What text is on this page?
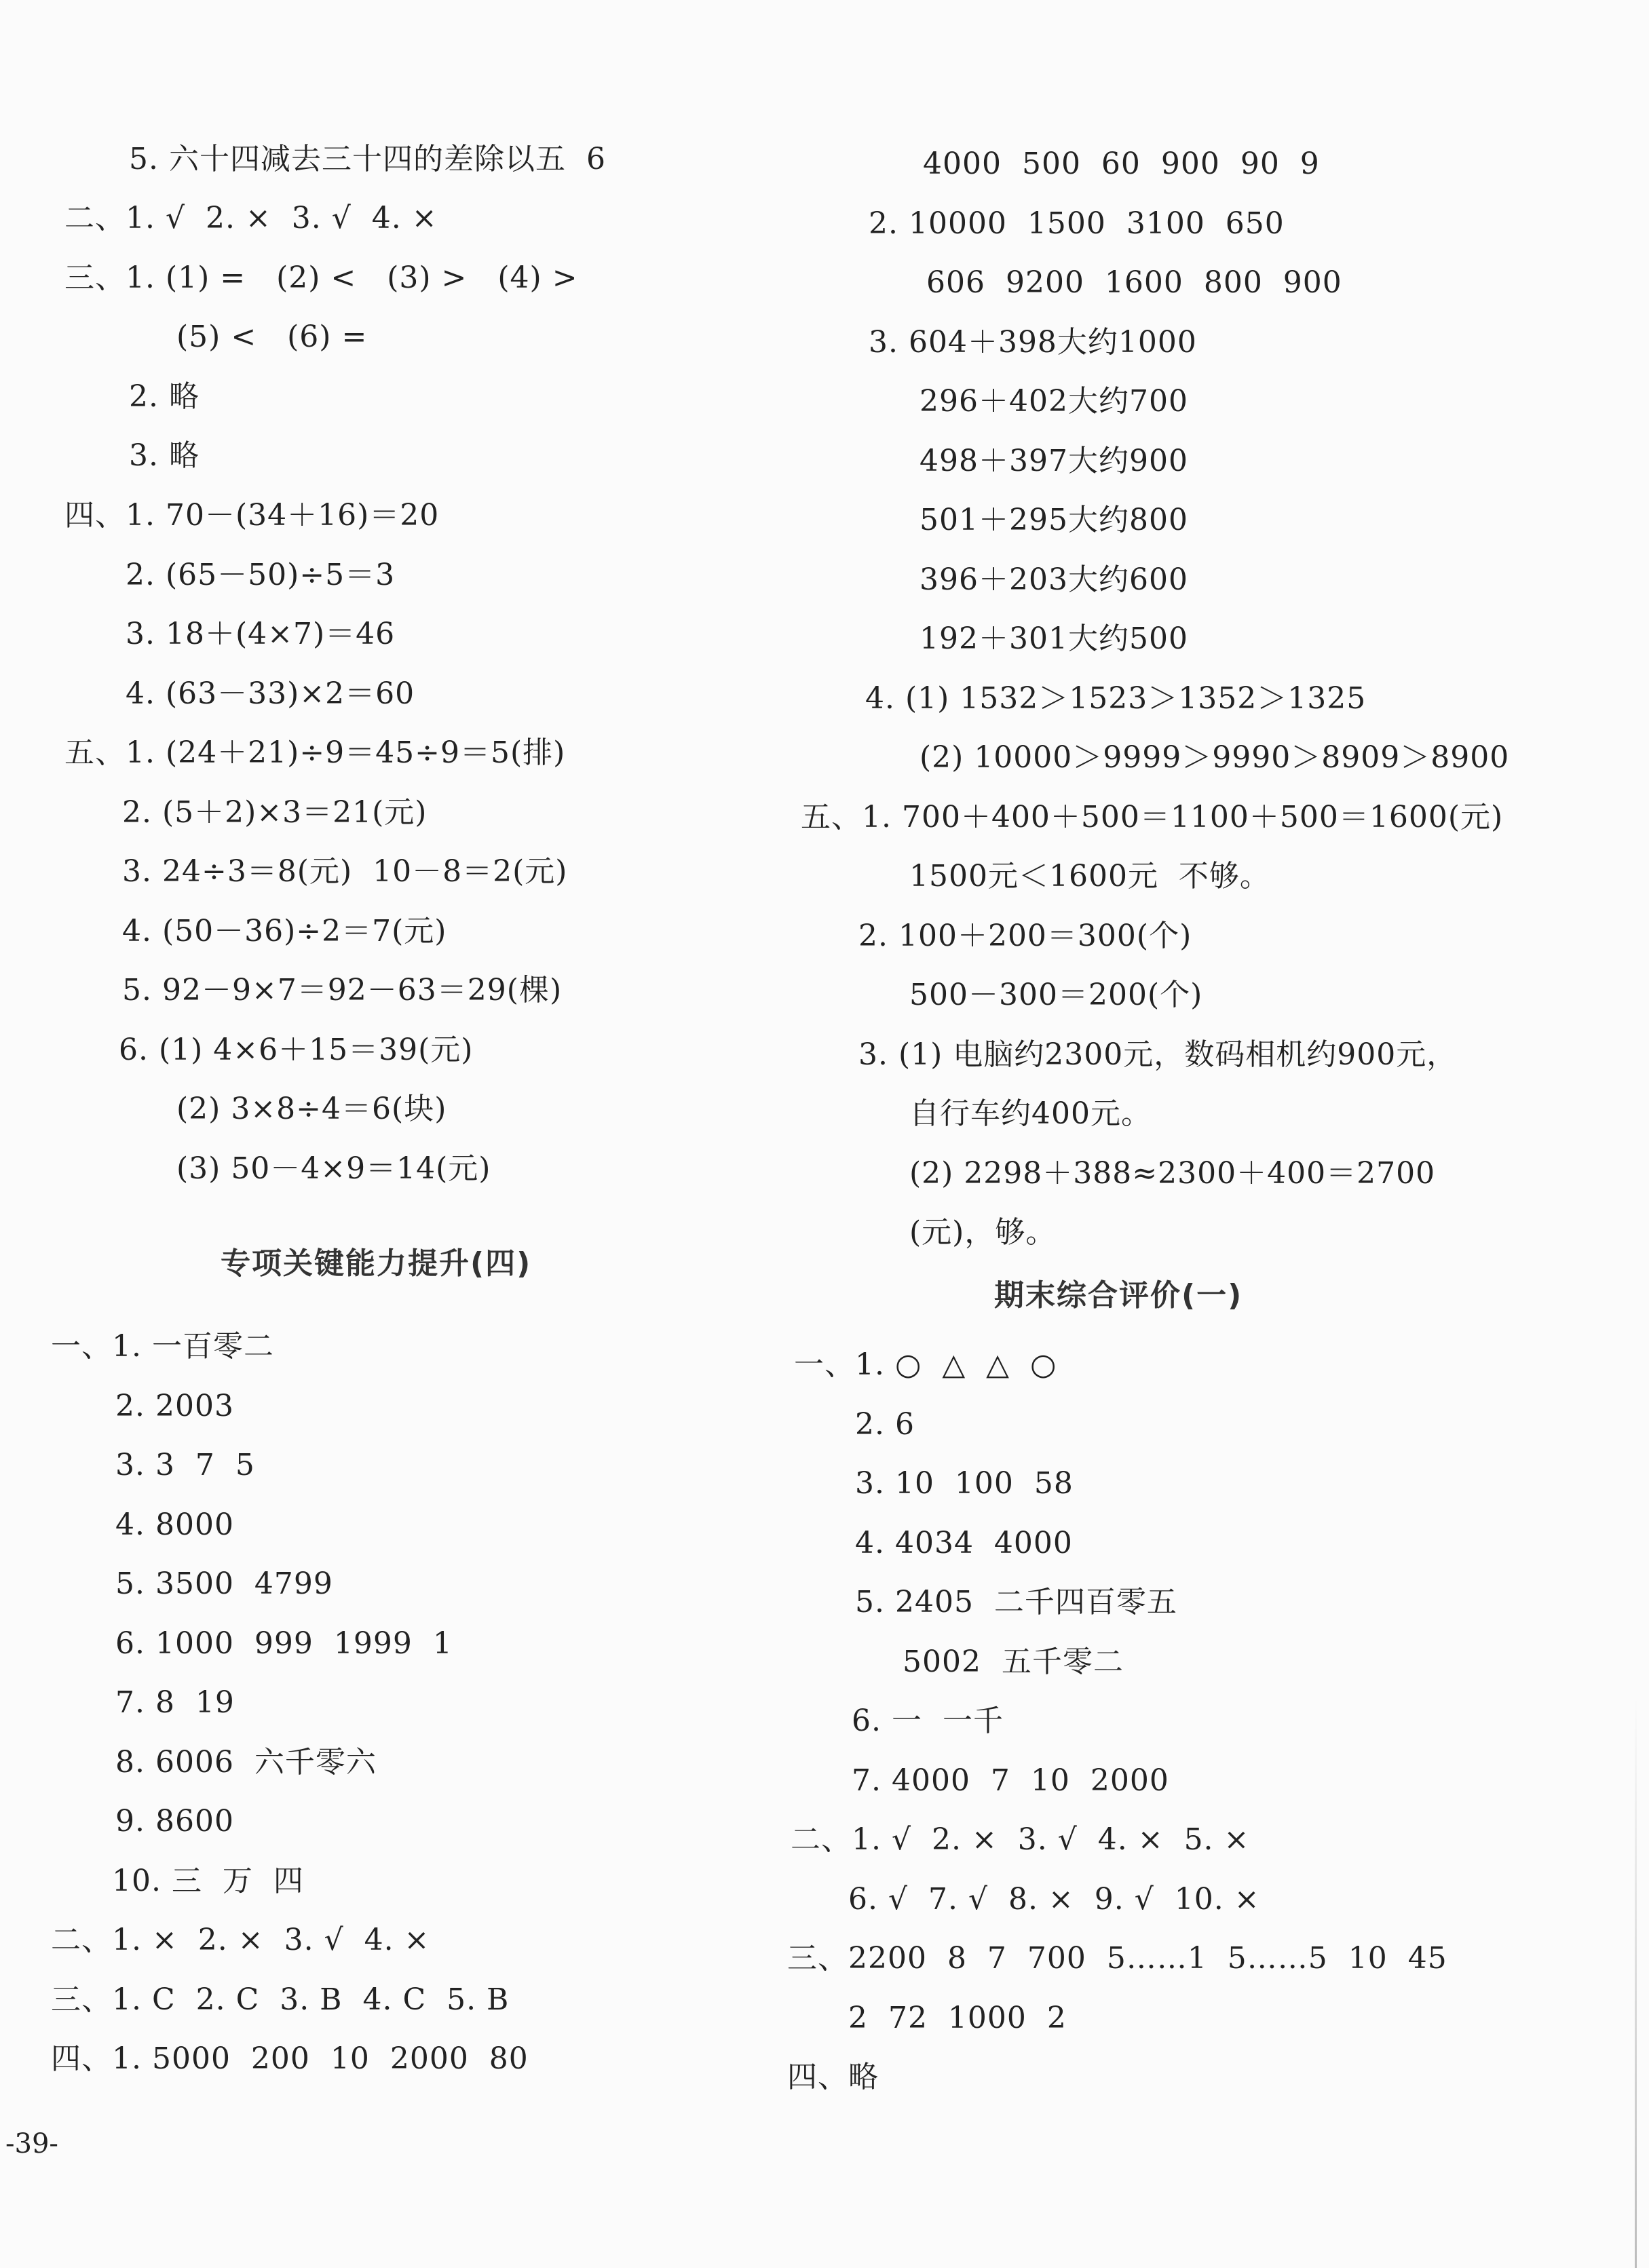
5. 六十四减去三十四的差除以五  6
二、1. √  2. ×  3. √  4. ×
三、1. (1) =   (2) <   (3) >   (4) >
(5) <   (6) =
2. 略
3. 略
四、1. 70－(34＋16)＝20
2. (65－50)÷5＝3
3. 18＋(4×7)＝46
4. (63－33)×2＝60
五、1. (24＋21)÷9＝45÷9＝5(排)
2. (5＋2)×3＝21(元)
3. 24÷3＝8(元)  10－8＝2(元)
4. (50－36)÷2＝7(元)
5. 92－9×7＝92－63＝29(棵)
6. (1) 4×6＋15＝39(元)
(2) 3×8÷4＝6(块)
(3) 50－4×9＝14(元)
专项关键能力提升(四)
一、1. 一百零二
2. 2003
3. 3  7  5
4. 8000
5. 3500  4799
6. 1000  999  1999  1
7. 8  19
8. 6006  六千零六
9. 8600
10. 三  万  四
二、1. ×  2. ×  3. √  4. ×
三、1. C  2. C  3. B  4. C  5. B
四、1. 5000  200  10  2000  80
4000  500  60  900  90  9
2. 10000  1500  3100  650
606  9200  1600  800  900
3. 604＋398大约1000
296＋402大约700
498＋397大约900
501＋295大约800
396＋203大约600
192＋301大约500
4. (1) 1532＞1523＞1352＞1325
(2) 10000＞9999＞9990＞8909＞8900
五、1. 700＋400＋500＝1100＋500＝1600(元)
1500元＜1600元  不够。
2. 100＋200＝300(个)
500－300＝200(个)
3. (1) 电脑约2300元，数码相机约900元，
自行车约400元。
(2) 2298＋388≈2300＋400＝2700
(元)，够。
期末综合评价(一)
一、1. ○  △  △  ○
2. 6
3. 10  100  58
4. 4034  4000
5. 2405  二千四百零五
5002  五千零二
6. 一  一千
7. 4000  7  10  2000
二、1. √  2. ×  3. √  4. ×  5. ×
6. √  7. √  8. ×  9. √  10. ×
三、2200  8  7  700  5……1  5……5  10  45
2  72  1000  2
四、略
-39-
